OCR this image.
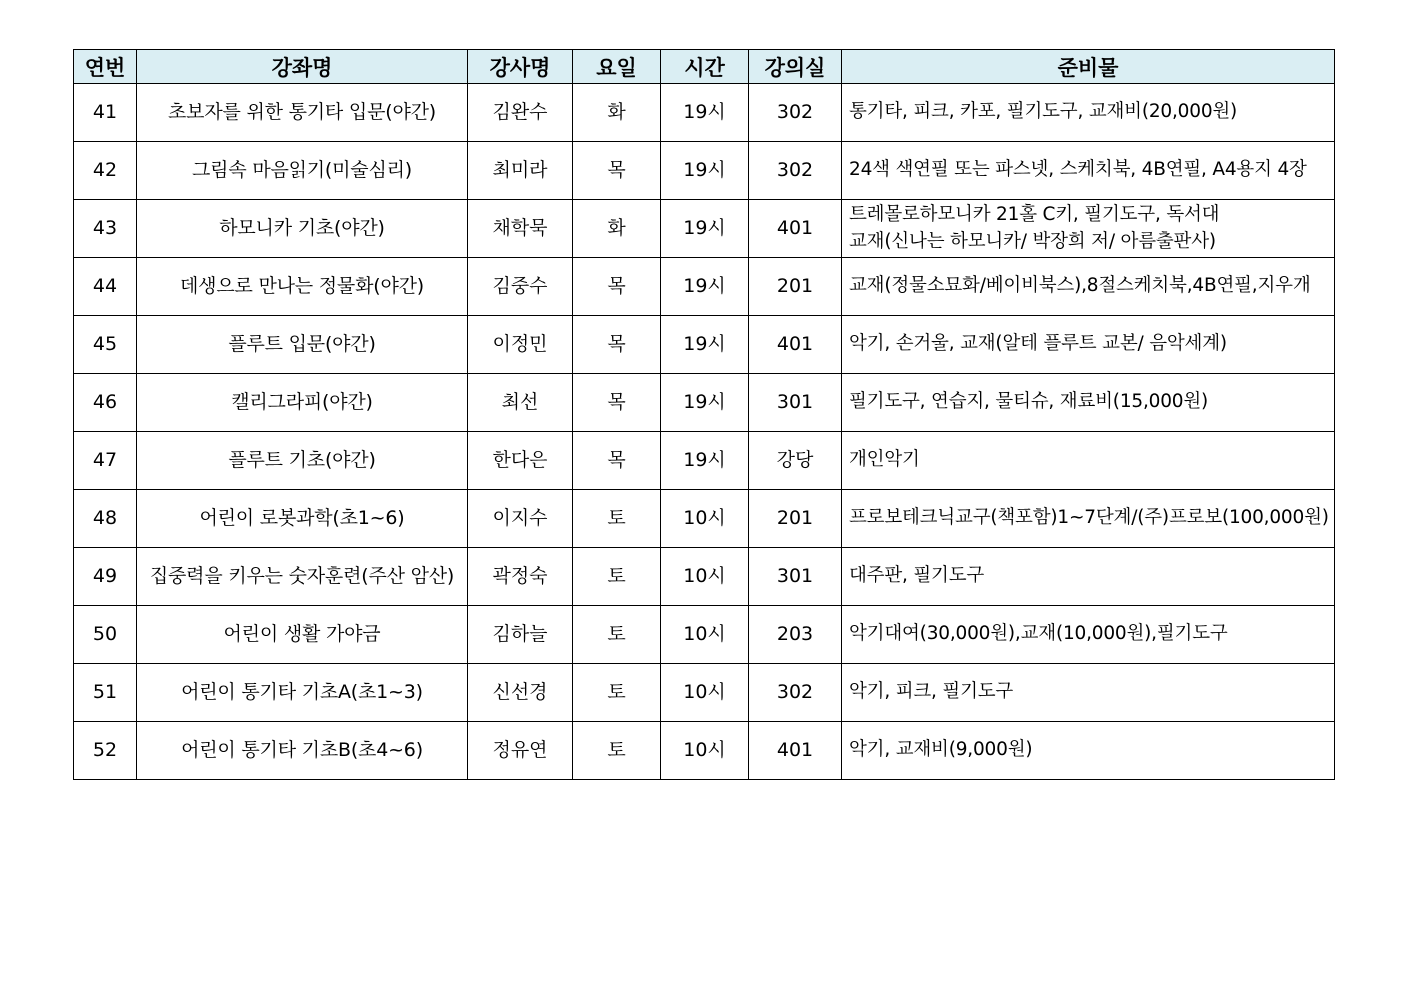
연번	강좌명	강사명	요일	시간	강의실	준비물
41	초보자를 위한 통기타 입문(야간)	김완수	화	19시	302	통기타, 피크, 카포, 필기도구, 교재비(20,000원)
42	그림속 마음읽기(미술심리)	최미라	목	19시	302	24색 색연필 또는 파스넷, 스케치북, 4B연필, A4용지 4장
43	하모니카 기초(야간)	채학묵	화	19시	401	트레몰로하모니카 21홀 C키, 필기도구, 독서대
교재(신나는 하모니카/ 박장희 저/ 아름출판사)
44	데생으로 만나는 정물화(야간)	김중수	목	19시	201	교재(정물소묘화/베이비북스),8절스케치북,4B연필,지우개
45	플루트 입문(야간)	이정민	목	19시	401	악기, 손거울, 교재(알테 플루트 교본/ 음악세계)
46	캘리그라피(야간)	최선	목	19시	301	필기도구, 연습지, 물티슈, 재료비(15,000원)
47	플루트 기초(야간)	한다은	목	19시	강당	개인악기
48	어린이 로봇과학(초1~6)	이지수	토	10시	201	프로보테크닉교구(책포함)1~7단계/(주)프로보(100,000원)
49	집중력을 키우는 숫자훈련(주산 암산)	곽정숙	토	10시	301	대주판, 필기도구
50	어린이 생활 가야금	김하늘	토	10시	203	악기대여(30,000원),교재(10,000원),필기도구
51	어린이 통기타 기초A(초1~3)	신선경	토	10시	302	악기, 피크, 필기도구
52	어린이 통기타 기초B(초4~6)	정유연	토	10시	401	악기, 교재비(9,000원)
